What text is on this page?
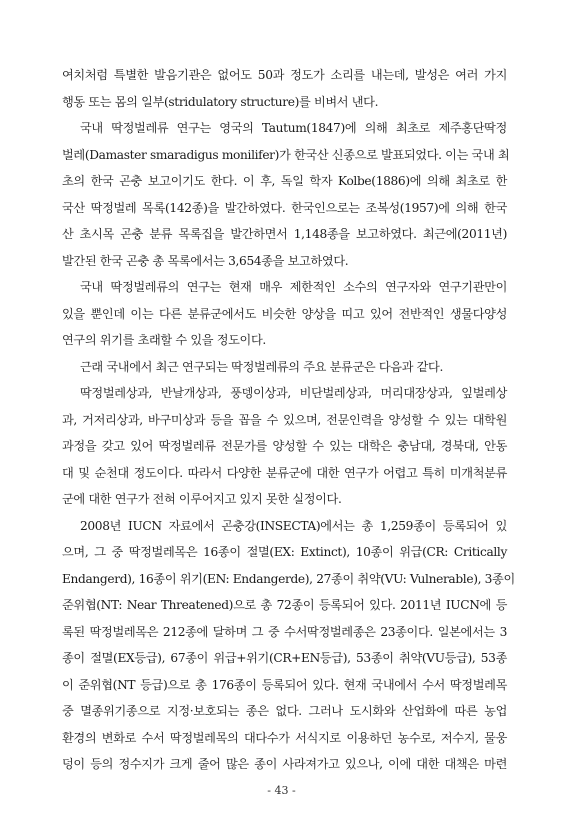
여치처럼 특별한 발음기관은 없어도 50과 정도가 소리를 내는데, 발성은 여러 가지
행동 또는 몸의 일부(stridulatory structure)를 비벼서 낸다.
국내 딱정벌레류 연구는 영국의 Tautum(1847)에 의해 최초로 제주홍단딱정
벌레(Damaster smaradigus monilifer)가 한국산 신종으로 발표되었다. 이는 국내 최
초의 한국 곤충 보고이기도 한다. 이 후, 독일 학자 Kolbe(1886)에 의해 최초로 한
국산 딱정벌레 목록(142종)을 발간하였다. 한국인으로는 조복성(1957)에 의해 한국
산 초시목 곤충 분류 목록집을 발간하면서 1,148종을 보고하였다. 최근에(2011년)
발간된 한국 곤충 총 목록에서는 3,654종을 보고하였다.
국내 딱정벌레류의 연구는 현재 매우 제한적인 소수의 연구자와 연구기관만이
있을 뿐인데 이는 다른 분류군에서도 비슷한 양상을 띠고 있어 전반적인 생물다양성
연구의 위기를 초래할 수 있을 정도이다.
근래 국내에서 최근 연구되는 딱정벌레류의 주요 분류군은 다음과 같다.
딱정벌레상과, 반날개상과, 풍뎅이상과, 비단벌레상과, 머리대장상과, 잎벌레상
과, 거저리상과, 바구미상과 등을 꼽을 수 있으며, 전문인력을 양성할 수 있는 대학원
과정을 갖고 있어 딱정벌레류 전문가를 양성할 수 있는 대학은 충남대, 경북대, 안동
대 및 순천대 정도이다. 따라서 다양한 분류군에 대한 연구가 어렵고 특히 미개척분류
군에 대한 연구가 전혀 이루어지고 있지 못한 실정이다.
2008년 IUCN 자료에서 곤충강(INSECTA)에서는 총 1,259종이 등록되어 있
으며, 그 중 딱정벌레목은 16종이 절멸(EX: Extinct), 10종이 위급(CR: Critically
Endangerd), 16종이 위기(EN: Endangerde), 27종이 취약(VU: Vulnerable), 3종이
준위협(NT: Near Threatened)으로 총 72종이 등록되어 있다. 2011년 IUCN에 등
록된 딱정벌레목은 212종에 달하며 그 중 수서딱정벌레종은 23종이다. 일본에서는 3
종이 절멸(EX등급), 67종이 위급+위기(CR+EN등급), 53종이 취약(VU등급), 53종
이 준위협(NT 등급)으로 총 176종이 등록되어 있다. 현재 국내에서 수서 딱정벌레목
중 멸종위기종으로 지정·보호되는 종은 없다. 그러나 도시화와 산업화에 따른 농업
환경의 변화로 수서 딱정벌레목의 대다수가 서식지로 이용하던 농수로, 저수지, 물웅
덩이 등의 정수지가 크게 줄어 많은 종이 사라져가고 있으나, 이에 대한 대책은 마련
- 43 -
